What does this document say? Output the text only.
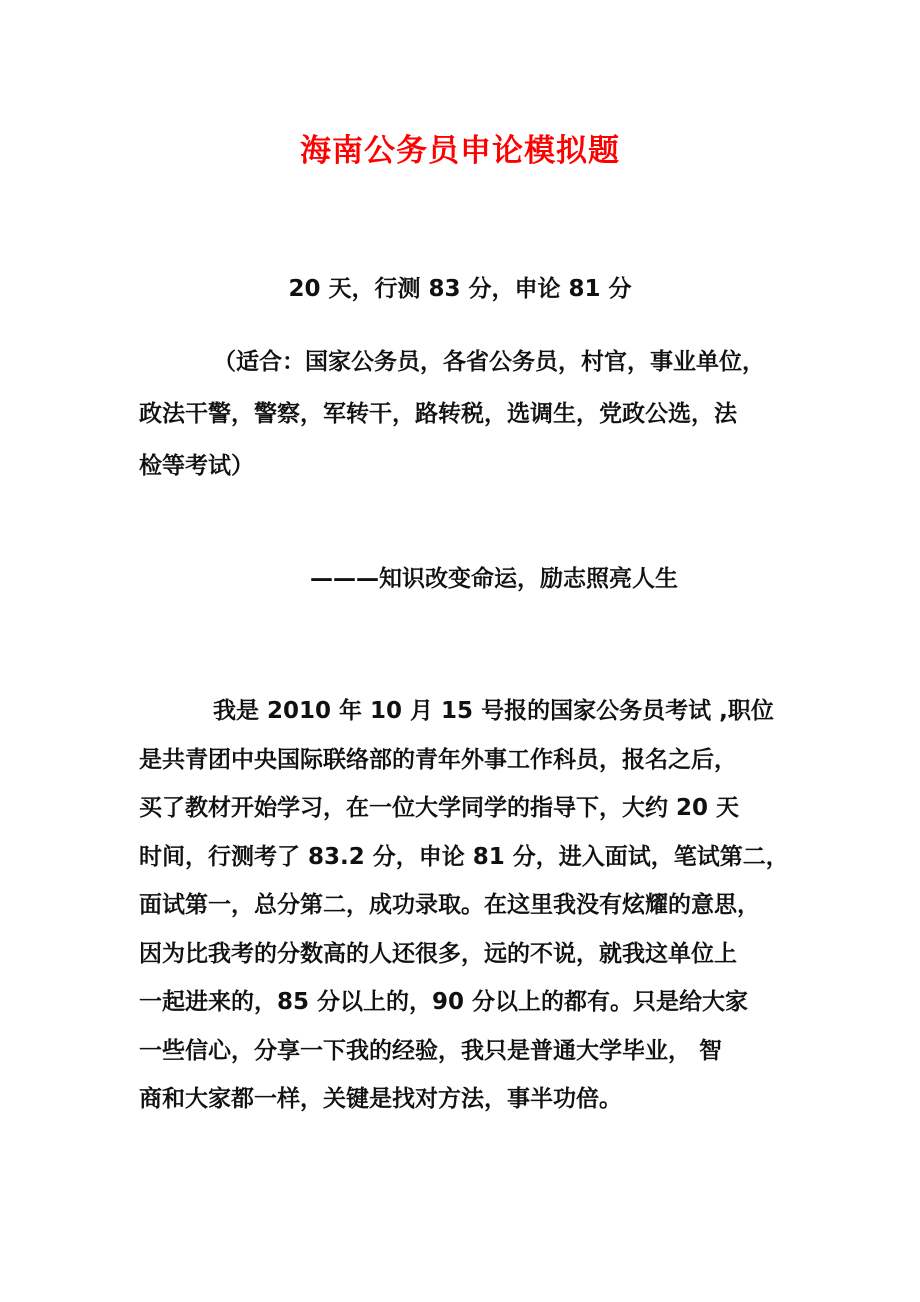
海南公务员申论模拟题
20 天，行测 83 分，申论 81 分
（适合：国家公务员，各省公务员，村官，事业单位，
政法干警，警察，军转干，路转税，选调生，党政公选，法
检等考试）
———知识改变命运，励志照亮人生
我是 2010 年 10 月 15 号报的国家公务员考试 ,职位
是共青团中央国际联络部的青年外事工作科员，报名之后，
买了教材开始学习，在一位大学同学的指导下，大约 20 天
时间，行测考了 83.2 分，申论 81 分，进入面试，笔试第二，
面试第一，总分第二，成功录取。在这里我没有炫耀的意思，
因为比我考的分数高的人还很多，远的不说，就我这单位上
一起进来的，85 分以上的，90 分以上的都有。只是给大家
一些信心，分享一下我的经验，我只是普通大学毕业， 智
商和大家都一样，关键是找对方法，事半功倍。
